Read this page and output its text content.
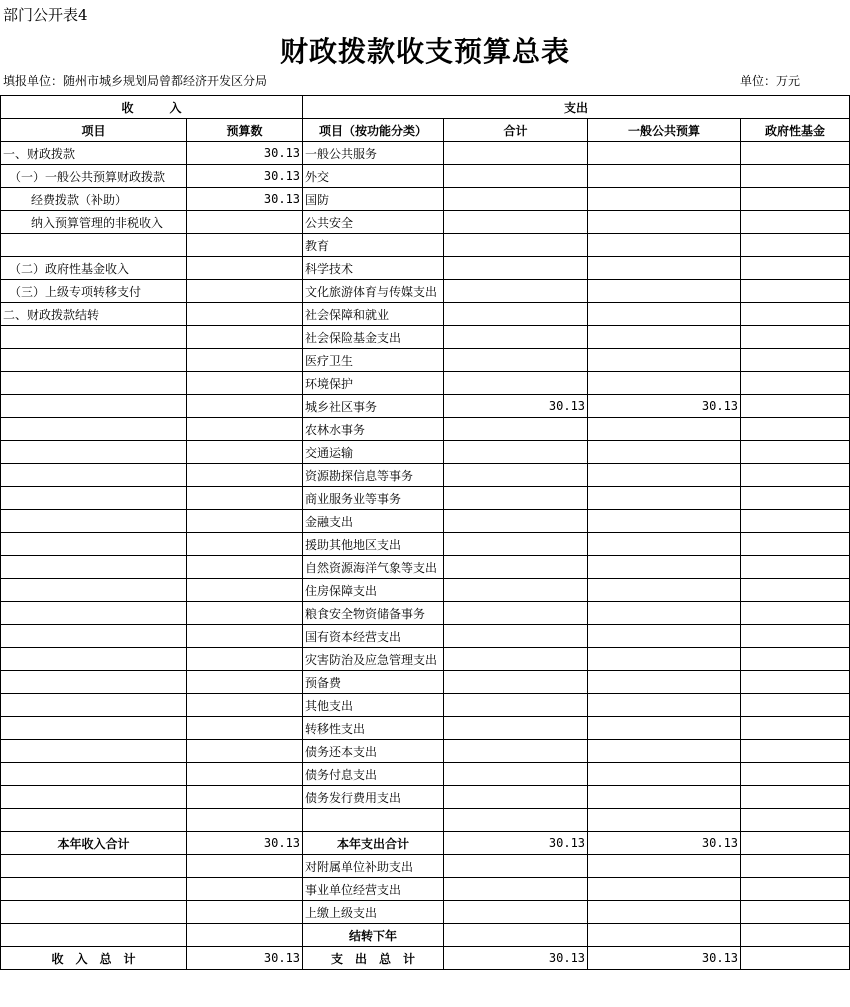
部门公开表4
财政拨款收支预算总表
填报单位：随州市城乡规划局曾都经济开发区分局	单位：万元
收　　　入		支出			
项目	预算数	项目（按功能分类）	合计	一般公共预算	政府性基金
一、财政拨款	30.13	一般公共服务			
（一）一般公共预算财政拨款	30.13	外交			
经费拨款（补助）	30.13	国防			
纳入预算管理的非税收入		公共安全			
		教育			
（二）政府性基金收入		科学技术			
（三）上级专项转移支付		文化旅游体育与传媒支出			
二、财政拨款结转		社会保障和就业			
		社会保险基金支出			
		医疗卫生			
		环境保护			
		城乡社区事务	30.13	30.13	
		农林水事务			
		交通运输			
		资源勘探信息等事务			
		商业服务业等事务			
		金融支出			
		援助其他地区支出			
		自然资源海洋气象等支出			
		住房保障支出			
		粮食安全物资储备事务			
		国有资本经营支出			
		灾害防治及应急管理支出			
		预备费			
		其他支出			
		转移性支出			
		债务还本支出			
		债务付息支出			
		债务发行费用支出			

本年收入合计	30.13	本年支出合计	30.13	30.13	
		对附属单位补助支出			
		事业单位经营支出			
		上缴上级支出			
		结转下年			
收　入　总　计	30.13	支　出　总　计	30.13	30.13	
